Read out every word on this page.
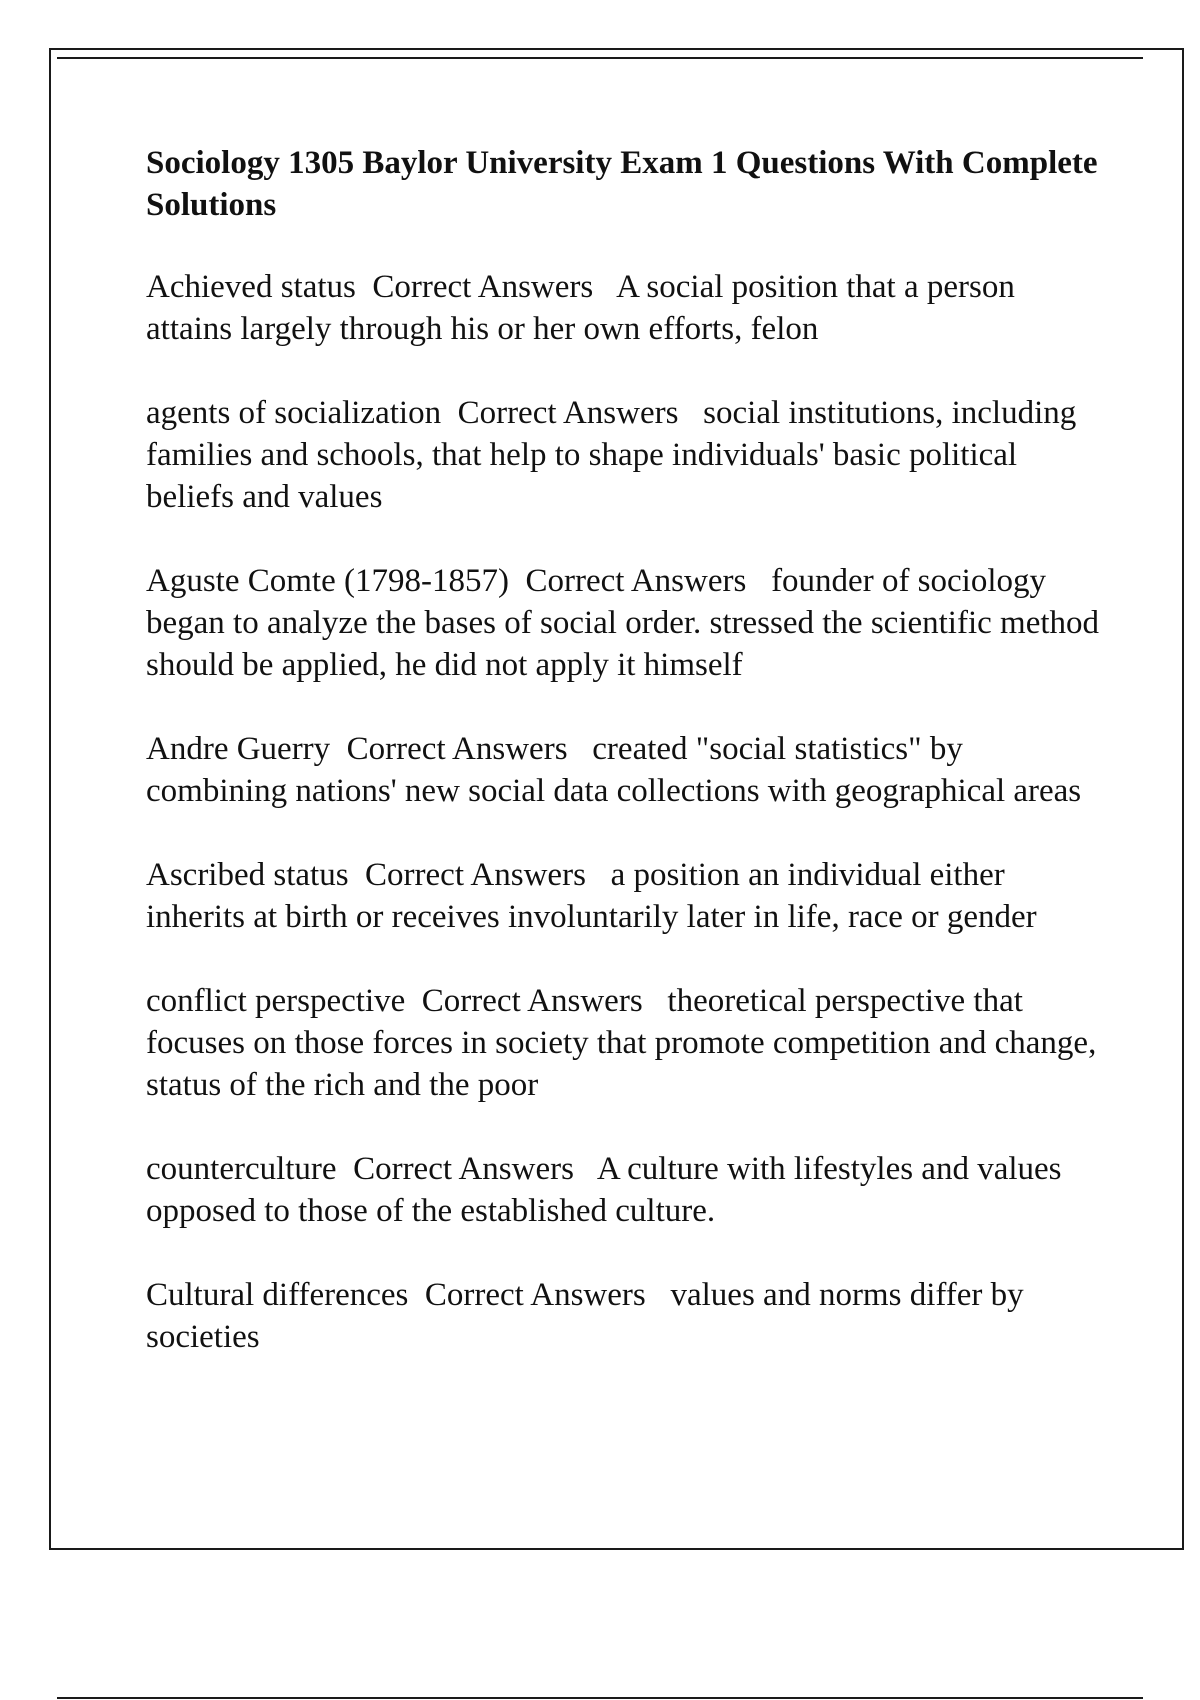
Sociology 1305 Baylor University Exam 1 Questions With Complete Solutions
Achieved status  Correct Answers   A social position that a person attains largely through his or her own efforts, felon
agents of socialization  Correct Answers   social institutions, including families and schools, that help to shape individuals' basic political beliefs and values
Aguste Comte (1798-1857)  Correct Answers   founder of sociology began to analyze the bases of social order. stressed the scientific method should be applied, he did not apply it himself
Andre Guerry  Correct Answers   created "social statistics" by combining nations' new social data collections with geographical areas
Ascribed status  Correct Answers   a position an individual either inherits at birth or receives involuntarily later in life, race or gender
conflict perspective  Correct Answers   theoretical perspective that focuses on those forces in society that promote competition and change, status of the rich and the poor
counterculture  Correct Answers   A culture with lifestyles and values opposed to those of the established culture.
Cultural differences  Correct Answers   values and norms differ by societies
